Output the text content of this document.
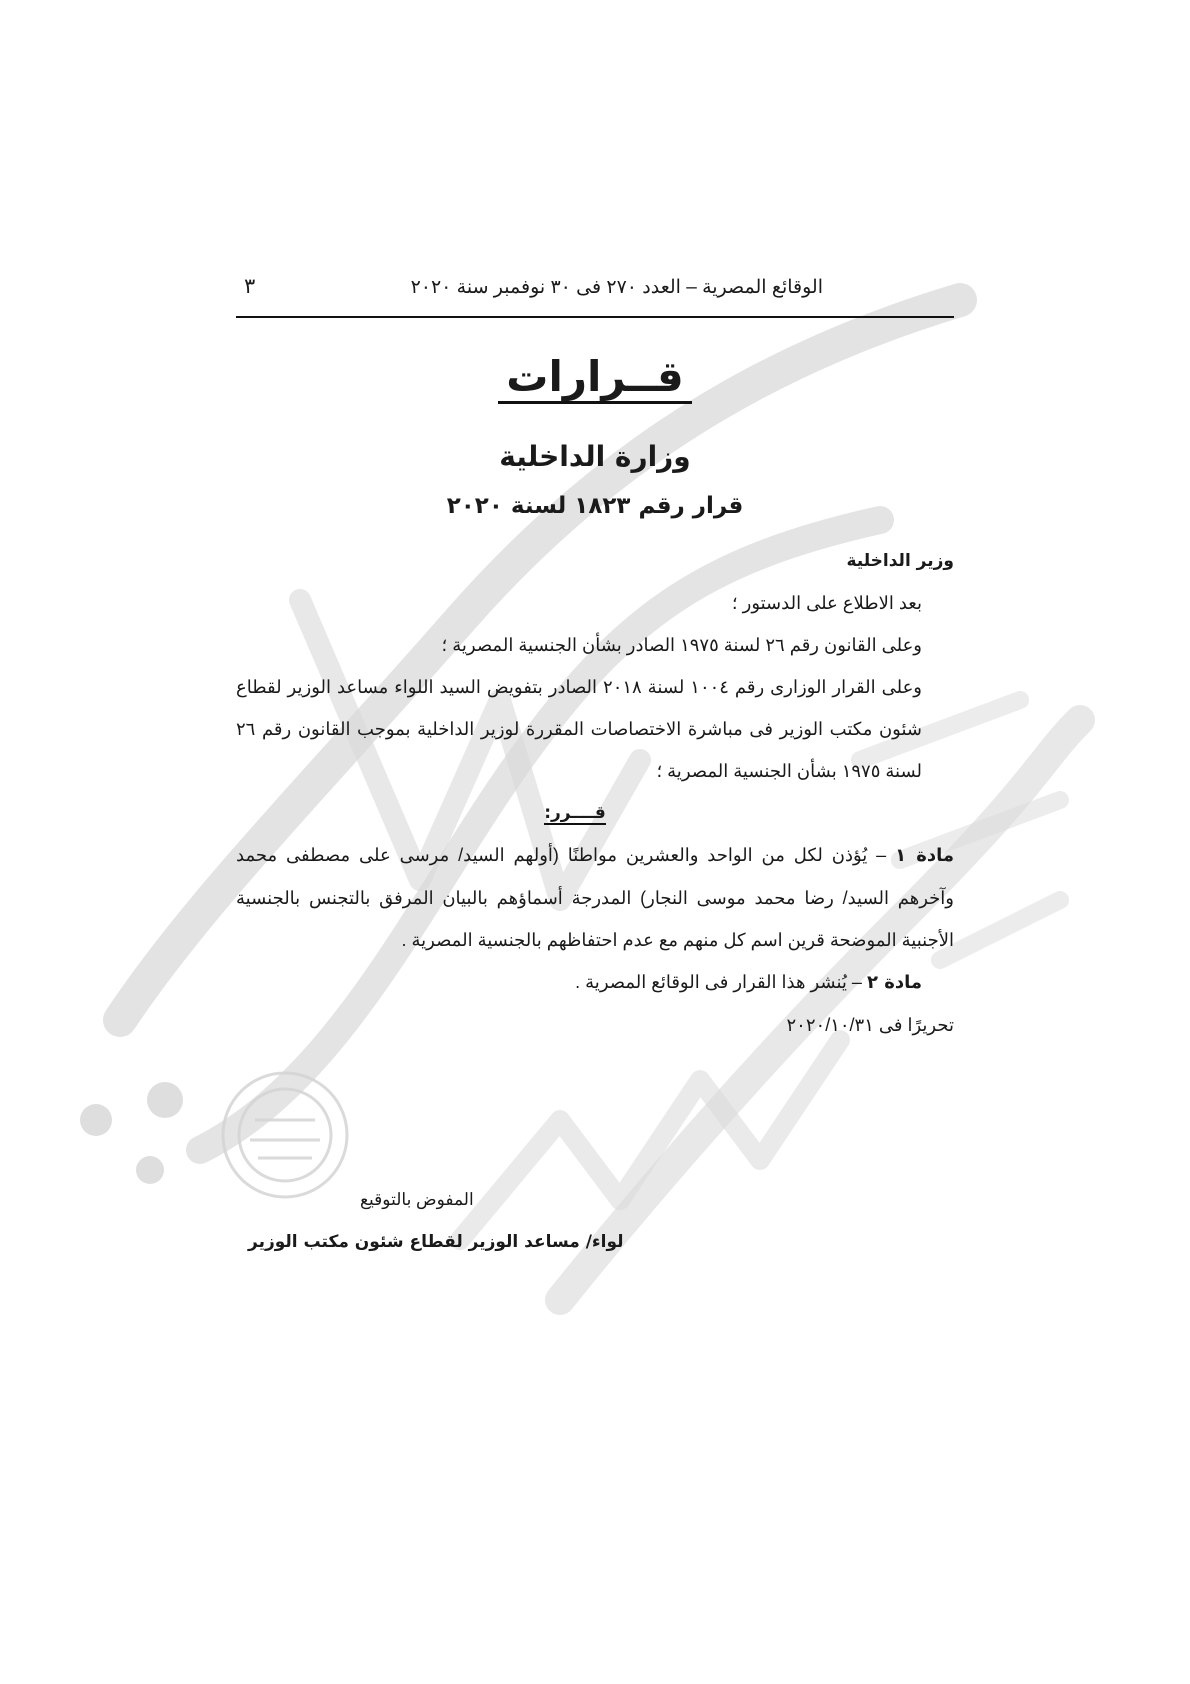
الوقائع المصرية – العدد ٢٧٠ فى ٣٠ نوفمبر سنة ٢٠٢٠
٣
قــرارات
وزارة الداخلية
قرار رقم ١٨٢٣ لسنة ٢٠٢٠

وزير الداخلية

بعد الاطلاع على الدستور ؛

وعلى القانون رقم ٢٦ لسنة ١٩٧٥ الصادر بشأن الجنسية المصرية ؛

وعلى القرار الوزارى رقم ١٠٠٤ لسنة ٢٠١٨ الصادر بتفويض السيد اللواء مساعد الوزير لقطاع شئون مكتب الوزير فى مباشرة الاختصاصات المقررة لوزير الداخلية بموجب القانون رقم ٢٦ لسنة ١٩٧٥ بشأن الجنسية المصرية ؛

قــــرر:

مادة ١ – يُؤذن لكل من الواحد والعشرين مواطنًا (أولهم السيد/ مرسى على مصطفى محمد وآخرهم السيد/ رضا محمد موسى النجار) المدرجة أسماؤهم بالبيان المرفق بالتجنس بالجنسية الأجنبية الموضحة قرين اسم كل منهم مع عدم احتفاظهم بالجنسية المصرية .

مادة ٢ – يُنشر هذا القرار فى الوقائع المصرية .

تحريرًا فى ٢٠٢٠/١٠/٣١

المفوض بالتوقيع
لواء/ مساعد الوزير لقطاع شئون مكتب الوزير
